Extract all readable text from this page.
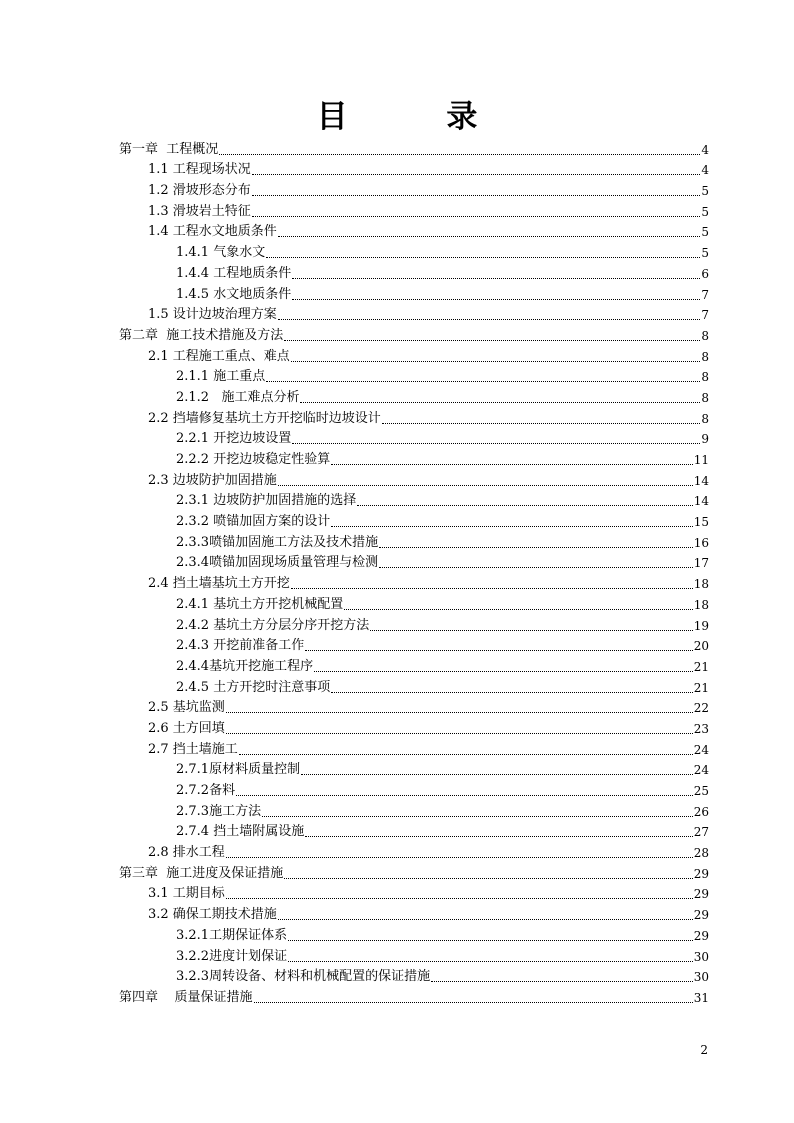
目 录
第一章  工程概况	4
1.1 工程现场状况	4
1.2 滑坡形态分布	5
1.3 滑坡岩土特征	5
1.4 工程水文地质条件	5
1.4.1 气象水文	5
1.4.4 工程地质条件	6
1.4.5 水文地质条件	7
1.5 设计边坡治理方案	7
第二章  施工技术措施及方法	8
2.1 工程施工重点、难点	8
2.1.1 施工重点	8
2.1.2   施工难点分析	8
2.2 挡墙修复基坑土方开挖临时边坡设计	8
2.2.1 开挖边坡设置	9
2.2.2 开挖边坡稳定性验算	11
2.3 边坡防护加固措施	14
2.3.1 边坡防护加固措施的选择	14
2.3.2 喷锚加固方案的设计	15
2.3.3喷锚加固施工方法及技术措施	16
2.3.4喷锚加固现场质量管理与检测	17
2.4 挡土墙基坑土方开挖	18
2.4.1 基坑土方开挖机械配置	18
2.4.2 基坑土方分层分序开挖方法	19
2.4.3 开挖前准备工作	20
2.4.4基坑开挖施工程序	21
2.4.5 土方开挖时注意事项	21
2.5 基坑监测	22
2.6 土方回填	23
2.7 挡土墙施工	24
2.7.1原材料质量控制	24
2.7.2备料	25
2.7.3施工方法	26
2.7.4 挡土墙附属设施	27
2.8 排水工程	28
第三章  施工进度及保证措施	29
3.1 工期目标	29
3.2 确保工期技术措施	29
3.2.1工期保证体系	29
3.2.2进度计划保证	30
3.2.3周转设备、材料和机械配置的保证措施	30
第四章    质量保证措施	31
2
